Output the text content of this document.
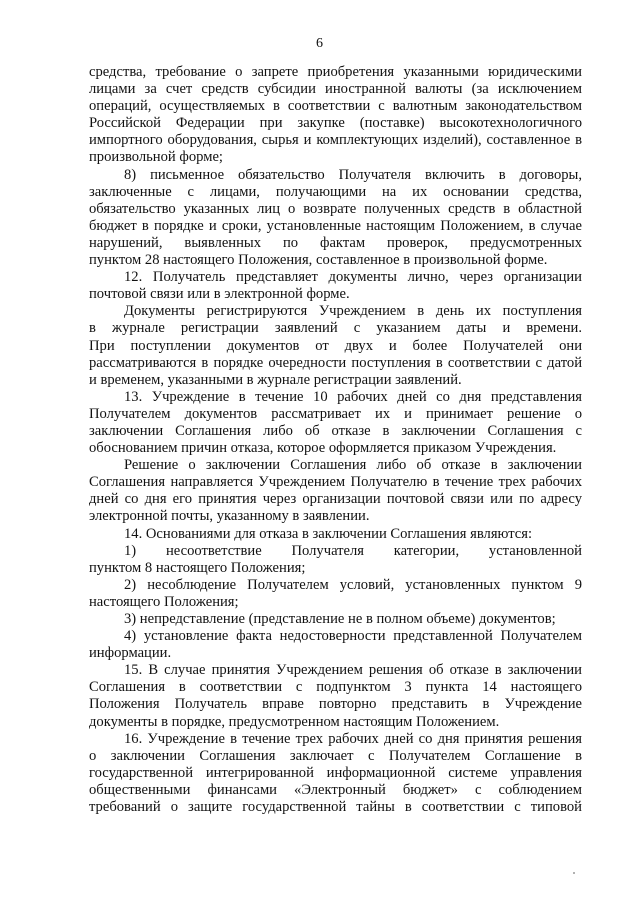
6
средства, требование о запрете приобретения указанными юридическими
лицами за счет средств субсидии иностранной валюты (за исключением
операций, осуществляемых в соответствии с валютным законодательством
Российской Федерации при закупке (поставке) высокотехнологичного
импортного оборудования, сырья и комплектующих изделий), составленное в
произвольной форме;
8) письменное обязательство Получателя включить в договоры,
заключенные с лицами, получающими на их основании средства,
обязательство указанных лиц о возврате полученных средств в областной
бюджет в порядке и сроки, установленные настоящим Положением, в случае
нарушений, выявленных по фактам проверок, предусмотренных
пунктом 28 настоящего Положения, составленное в произвольной форме.
12. Получатель представляет документы лично, через организации
почтовой связи или в электронной форме.
Документы регистрируются Учреждением в день их поступления
в журнале регистрации заявлений с указанием даты и времени.
При поступлении документов от двух и более Получателей они
рассматриваются в порядке очередности поступления в соответствии с датой
и временем, указанными в журнале регистрации заявлений.
13. Учреждение в течение 10 рабочих дней со дня представления
Получателем документов рассматривает их и принимает решение о
заключении Соглашения либо об отказе в заключении Соглашения с
обоснованием причин отказа, которое оформляется приказом Учреждения.
Решение о заключении Соглашения либо об отказе в заключении
Соглашения направляется Учреждением Получателю в течение трех рабочих
дней со дня его принятия через организации почтовой связи или по адресу
электронной почты, указанному в заявлении.
14. Основаниями для отказа в заключении Соглашения являются:
1) несоответствие Получателя категории, установленной
пунктом 8 настоящего Положения;
2) несоблюдение Получателем условий, установленных пунктом 9
настоящего Положения;
3) непредставление (представление не в полном объеме) документов;
4) установление факта недостоверности представленной Получателем
информации.
15. В случае принятия Учреждением решения об отказе в заключении
Соглашения в соответствии с подпунктом 3 пункта 14 настоящего
Положения Получатель вправе повторно представить в Учреждение
документы в порядке, предусмотренном настоящим Положением.
16. Учреждение в течение трех рабочих дней со дня принятия решения
о заключении Соглашения заключает с Получателем Соглашение в
государственной интегрированной информационной системе управления
общественными финансами «Электронный бюджет» с соблюдением
требований о защите государственной тайны в соответствии с типовой
